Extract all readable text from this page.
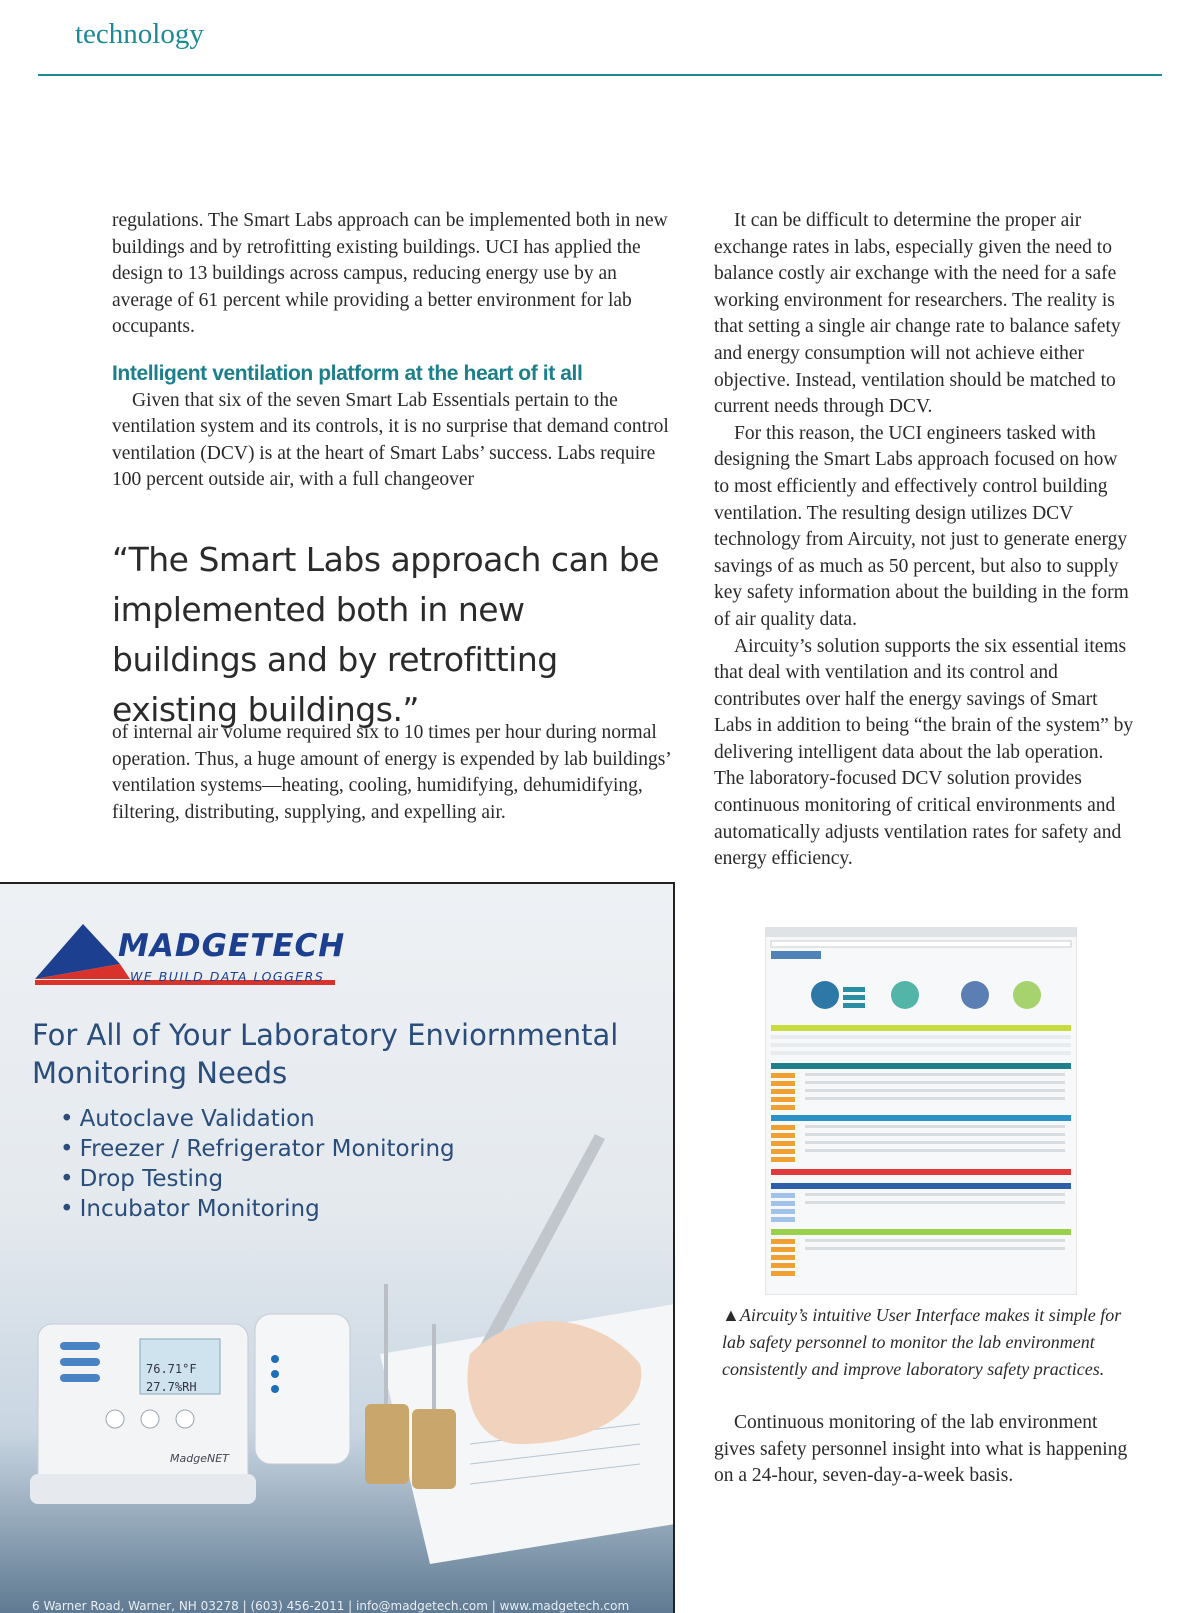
technology

regulations. The Smart Labs approach can be implemented both in new buildings and by retrofitting existing buildings. UCI has applied the design to 13 buildings across campus, reducing energy use by an average of 61 percent while providing a better environment for lab occupants.

Intelligent ventilation platform at the heart of it all

Given that six of the seven Smart Lab Essentials pertain to the ventilation system and its controls, it is no surprise that demand control ventilation (DCV) is at the heart of Smart Labs’ success. Labs require 100 percent outside air, with a full changeover

“The Smart Labs approach can be implemented both in new buildings and by retrofitting existing buildings.”

of internal air volume required six to 10 times per hour during normal operation. Thus, a huge amount of energy is expended by lab buildings’ ventilation systems—heating, cooling, humidifying, dehumidifying, filtering, distributing, supplying, and expelling air.

It can be difficult to determine the proper air exchange rates in labs, especially given the need to balance costly air exchange with the need for a safe working environment for researchers. The reality is that setting a single air change rate to balance safety and energy consumption will not achieve either objective. Instead, ventilation should be matched to current needs through DCV.

For this reason, the UCI engineers tasked with designing the Smart Labs approach focused on how to most efficiently and effectively control building ventilation. The resulting design utilizes DCV technology from Aircuity, not just to generate energy savings of as much as 50 percent, but also to supply key safety information about the building in the form of air quality data.

Aircuity’s solution supports the six essential items that deal with ventilation and its control and contributes over half the energy savings of Smart Labs in addition to being “the brain of the system” by delivering intelligent data about the lab operation. The laboratory-focused DCV solution provides continuous monitoring of critical environments and automatically adjusts ventilation rates for safety and energy efficiency.

▲Aircuity’s intuitive User Interface makes it simple for lab safety personnel to monitor the lab environment consistently and improve laboratory safety practices.

Continuous monitoring of the lab environment gives safety personnel insight into what is happening on a 24-hour, seven-day-a-week basis.

MADGETECH
WE BUILD DATA LOGGERS

For All of Your Laboratory Enviornmental Monitoring Needs

• Autoclave Validation
• Freezer / Refrigerator Monitoring
• Drop Testing
• Incubator Monitoring
76.71°F
27.7%RH
MadgeNET
6 Warner Road, Warner, NH 03278 | (603) 456-2011 | info@madgetech.com | www.madgetech.com
